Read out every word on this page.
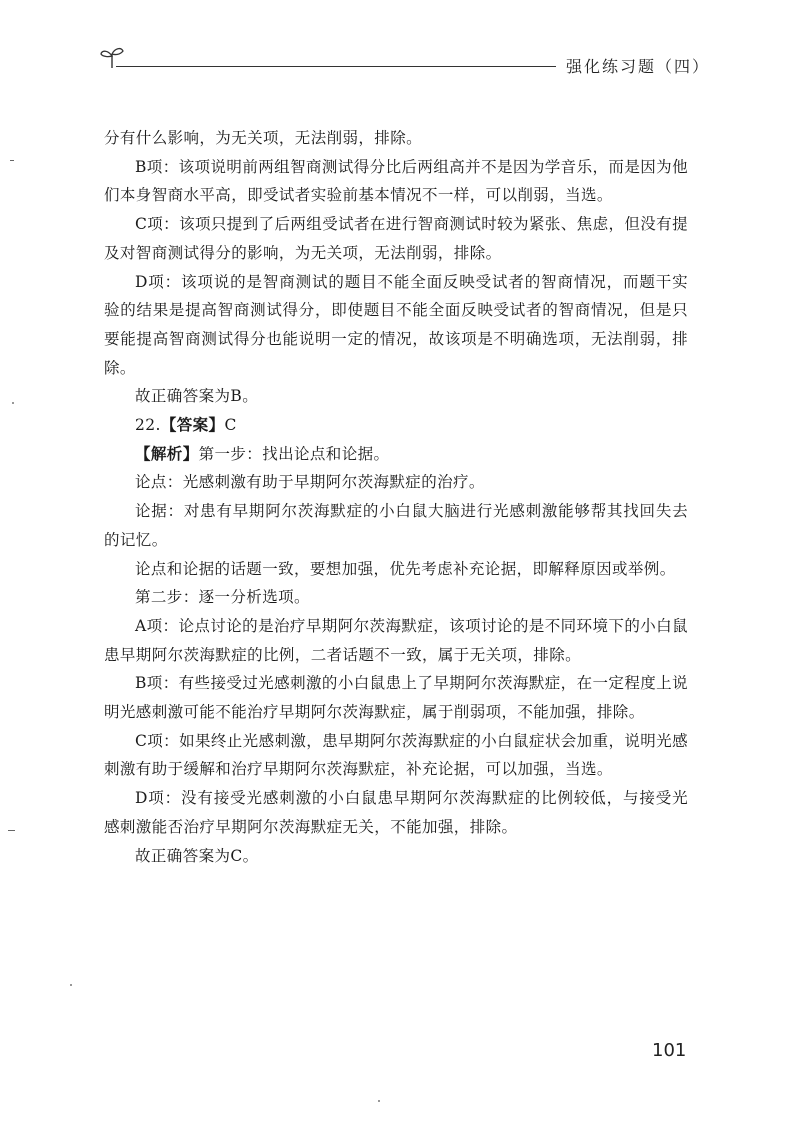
强化练习题（四）

分有什么影响，为无关项，无法削弱，排除。

B项：该项说明前两组智商测试得分比后两组高并不是因为学音乐，而是因为他们本身智商水平高，即受试者实验前基本情况不一样，可以削弱，当选。

C项：该项只提到了后两组受试者在进行智商测试时较为紧张、焦虑，但没有提及对智商测试得分的影响，为无关项，无法削弱，排除。

D项：该项说的是智商测试的题目不能全面反映受试者的智商情况，而题干实验的结果是提高智商测试得分，即使题目不能全面反映受试者的智商情况，但是只要能提高智商测试得分也能说明一定的情况，故该项是不明确选项，无法削弱，排除。

故正确答案为B。

22.【答案】C

【解析】第一步：找出论点和论据。

论点：光感刺激有助于早期阿尔茨海默症的治疗。

论据：对患有早期阿尔茨海默症的小白鼠大脑进行光感刺激能够帮其找回失去的记忆。

论点和论据的话题一致，要想加强，优先考虑补充论据，即解释原因或举例。

第二步：逐一分析选项。

A项：论点讨论的是治疗早期阿尔茨海默症，该项讨论的是不同环境下的小白鼠患早期阿尔茨海默症的比例，二者话题不一致，属于无关项，排除。

B项：有些接受过光感刺激的小白鼠患上了早期阿尔茨海默症，在一定程度上说明光感刺激可能不能治疗早期阿尔茨海默症，属于削弱项，不能加强，排除。

C项：如果终止光感刺激，患早期阿尔茨海默症的小白鼠症状会加重，说明光感刺激有助于缓解和治疗早期阿尔茨海默症，补充论据，可以加强，当选。

D项：没有接受光感刺激的小白鼠患早期阿尔茨海默症的比例较低，与接受光感刺激能否治疗早期阿尔茨海默症无关，不能加强，排除。

故正确答案为C。

101
